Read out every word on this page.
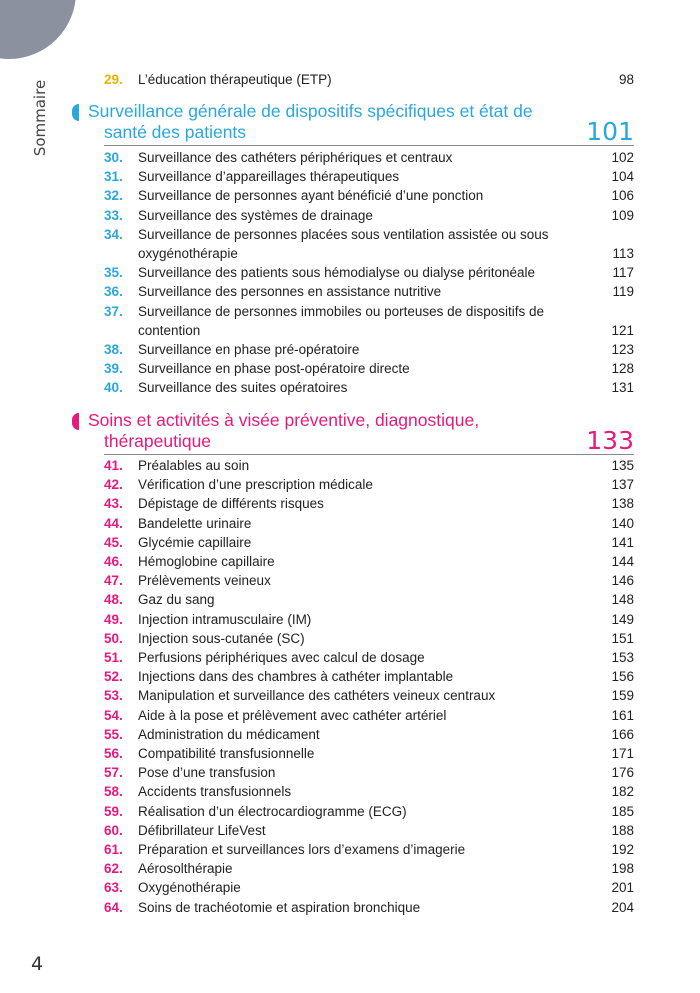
Sommaire
29.	L’éducation thérapeutique (ETP)	98
Surveillance générale de dispositifs spécifiques et état de
santé des patients	101
30.	Surveillance des cathéters périphériques et centraux	102
31.	Surveillance d’appareillages thérapeutiques	104
32.	Surveillance de personnes ayant bénéficié d’une ponction	106
33.	Surveillance des systèmes de drainage	109
34.	Surveillance de personnes placées sous ventilation assistée ou sous oxygénothérapie	113
35.	Surveillance des patients sous hémodialyse ou dialyse péritonéale	117
36.	Surveillance des personnes en assistance nutritive	119
37.	Surveillance de personnes immobiles ou porteuses de dispositifs de contention	121
38.	Surveillance en phase pré-opératoire	123
39.	Surveillance en phase post-opératoire directe	128
40.	Surveillance des suites opératoires	131
Soins et activités à visée préventive, diagnostique,
thérapeutique	133
41.	Préalables au soin	135
42.	Vérification d’une prescription médicale	137
43.	Dépistage de différents risques	138
44.	Bandelette urinaire	140
45.	Glycémie capillaire	141
46.	Hémoglobine capillaire	144
47.	Prélèvements veineux	146
48.	Gaz du sang	148
49.	Injection intramusculaire (IM)	149
50.	Injection sous-cutanée (SC)	151
51.	Perfusions périphériques avec calcul de dosage	153
52.	Injections dans des chambres à cathéter implantable	156
53.	Manipulation et surveillance des cathéters veineux centraux	159
54.	Aide à la pose et prélèvement avec cathéter artériel	161
55.	Administration du médicament	166
56.	Compatibilité transfusionnelle	171
57.	Pose d’une transfusion	176
58.	Accidents transfusionnels	182
59.	Réalisation d’un électrocardiogramme (ECG)	185
60.	Défibrillateur LifeVest	188
61.	Préparation et surveillances lors d’examens d’imagerie	192
62.	Aérosolthérapie	198
63.	Oxygénothérapie	201
64.	Soins de trachéotomie et aspiration bronchique	204
4
